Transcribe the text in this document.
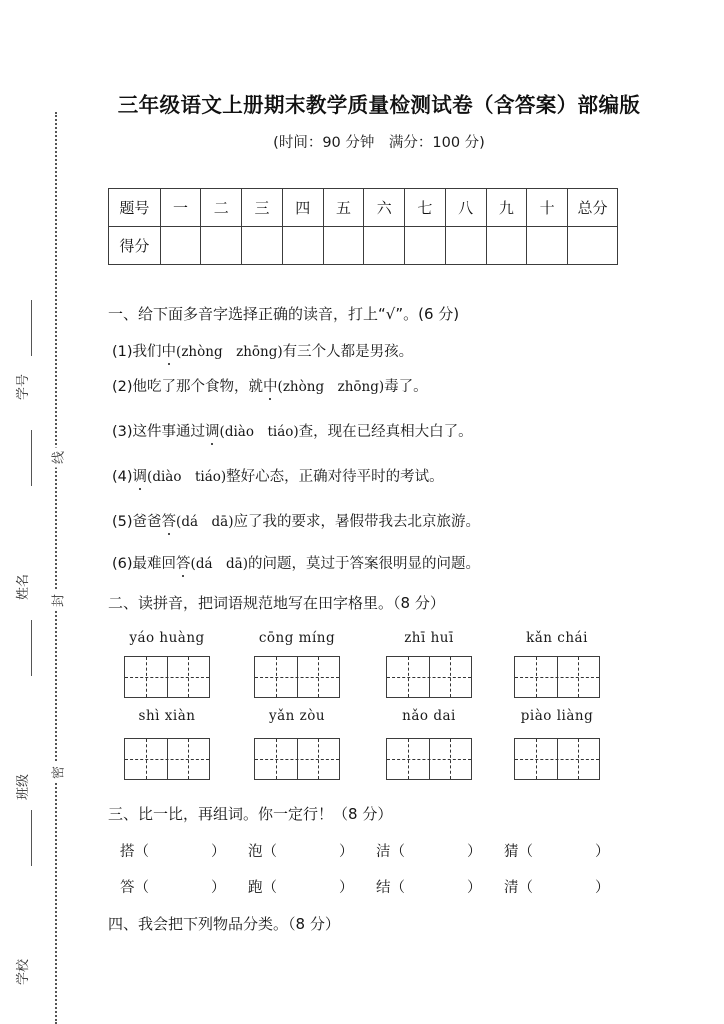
线
封
密
学号
姓名
班级
学校
三年级语文上册期末教学质量检测试卷（含答案）部编版
(时间：90 分钟　满分：100 分)
题号	一	二	三	四	五	六	七	八	九	十	总分
得分											
一、给下面多音字选择正确的读音，打上“√”。(6 分)
(1)我们中(zhòng　zhōng)有三个人都是男孩。
(2)他吃了那个食物，就中(zhòng　zhōng)毒了。
(3)这件事通过调(diào　tiáo)查，现在已经真相大白了。
(4)调(diào　tiáo)整好心态，正确对待平时的考试。
(5)爸爸答(dá　dā)应了我的要求，暑假带我去北京旅游。
(6)最难回答(dá　dā)的问题，莫过于答案很明显的问题。
二、读拼音，把词语规范地写在田字格里。（8 分）
yáo huàng	cōng míng	zhī huī	kǎn chái
shì xiàn	yǎn zòu	nǎo dai	piào liàng
三、比一比，再组词。你一定行！（8 分）
搭（	） 泡（	） 洁（	） 猜（	）
答（	） 跑（	） 结（	） 清（	）
四、我会把下列物品分类。（8 分）
